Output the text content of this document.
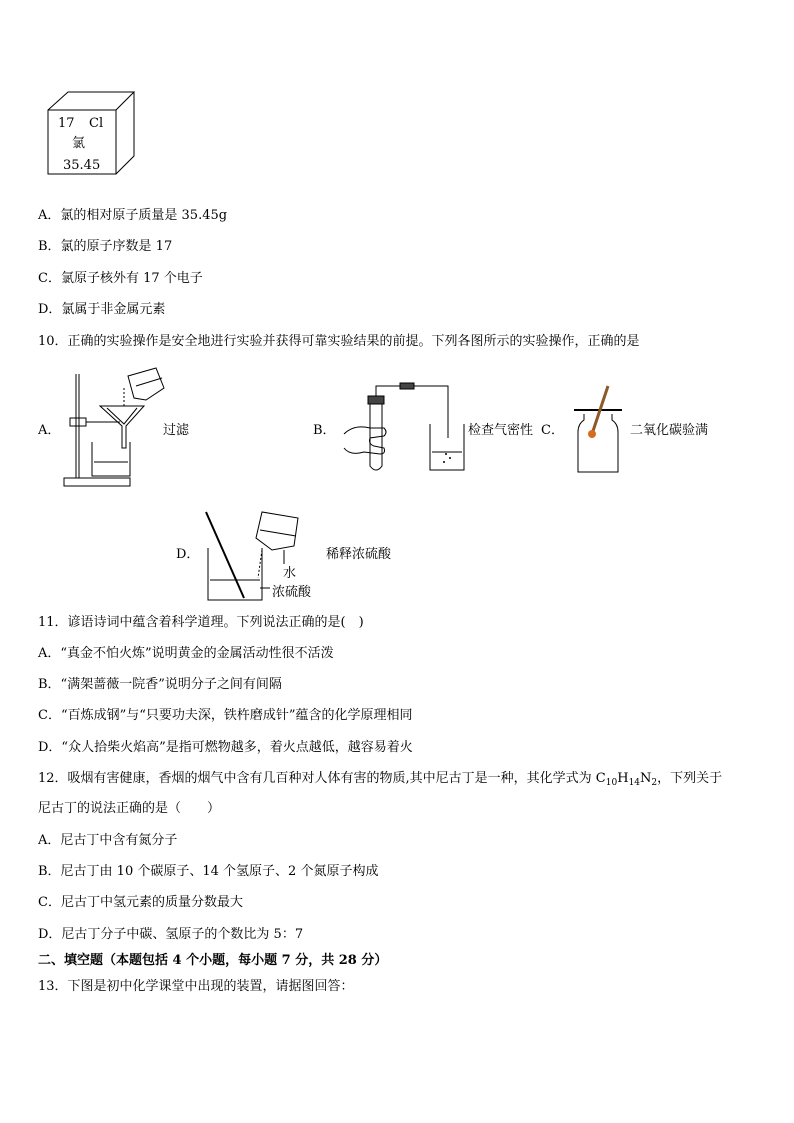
17 Cl
氯
35.45
A．氯的相对原子质量是 35.45g
B．氯的原子序数是 17
C．氯原子核外有 17 个电子
D．氯属于非金属元素
10．正确的实验操作是安全地进行实验并获得可靠实验结果的前提。下列各图所示的实验操作，正确的是
A．	过滤	B．	检查气密性 C．	二氧化碳验满
D．	稀释浓硫酸
水
浓硫酸
11．谚语诗词中蕴含着科学道理。下列说法正确的是(　)
A．“真金不怕火炼”说明黄金的金属活动性很不活泼
B．“满架蔷薇一院香”说明分子之间有间隔
C．“百炼成钢”与“只要功夫深，铁杵磨成针”蕴含的化学原理相同
D．“众人拾柴火焰高”是指可燃物越多，着火点越低，越容易着火
12．吸烟有害健康，香烟的烟气中含有几百种对人体有害的物质,其中尼古丁是一种，其化学式为 $C_{10}H_{14}N_2$，下列关于
尼古丁的说法正确的是（　　）
A．尼古丁中含有氮分子
B．尼古丁由 10 个碳原子、14 个氢原子、2 个氮原子构成
C．尼古丁中氢元素的质量分数最大
D．尼古丁分子中碳、氢原子的个数比为 5：7
二、填空题（本题包括 4 个小题，每小题 7 分，共 28 分）
13．下图是初中化学课堂中出现的装置，请据图回答：
